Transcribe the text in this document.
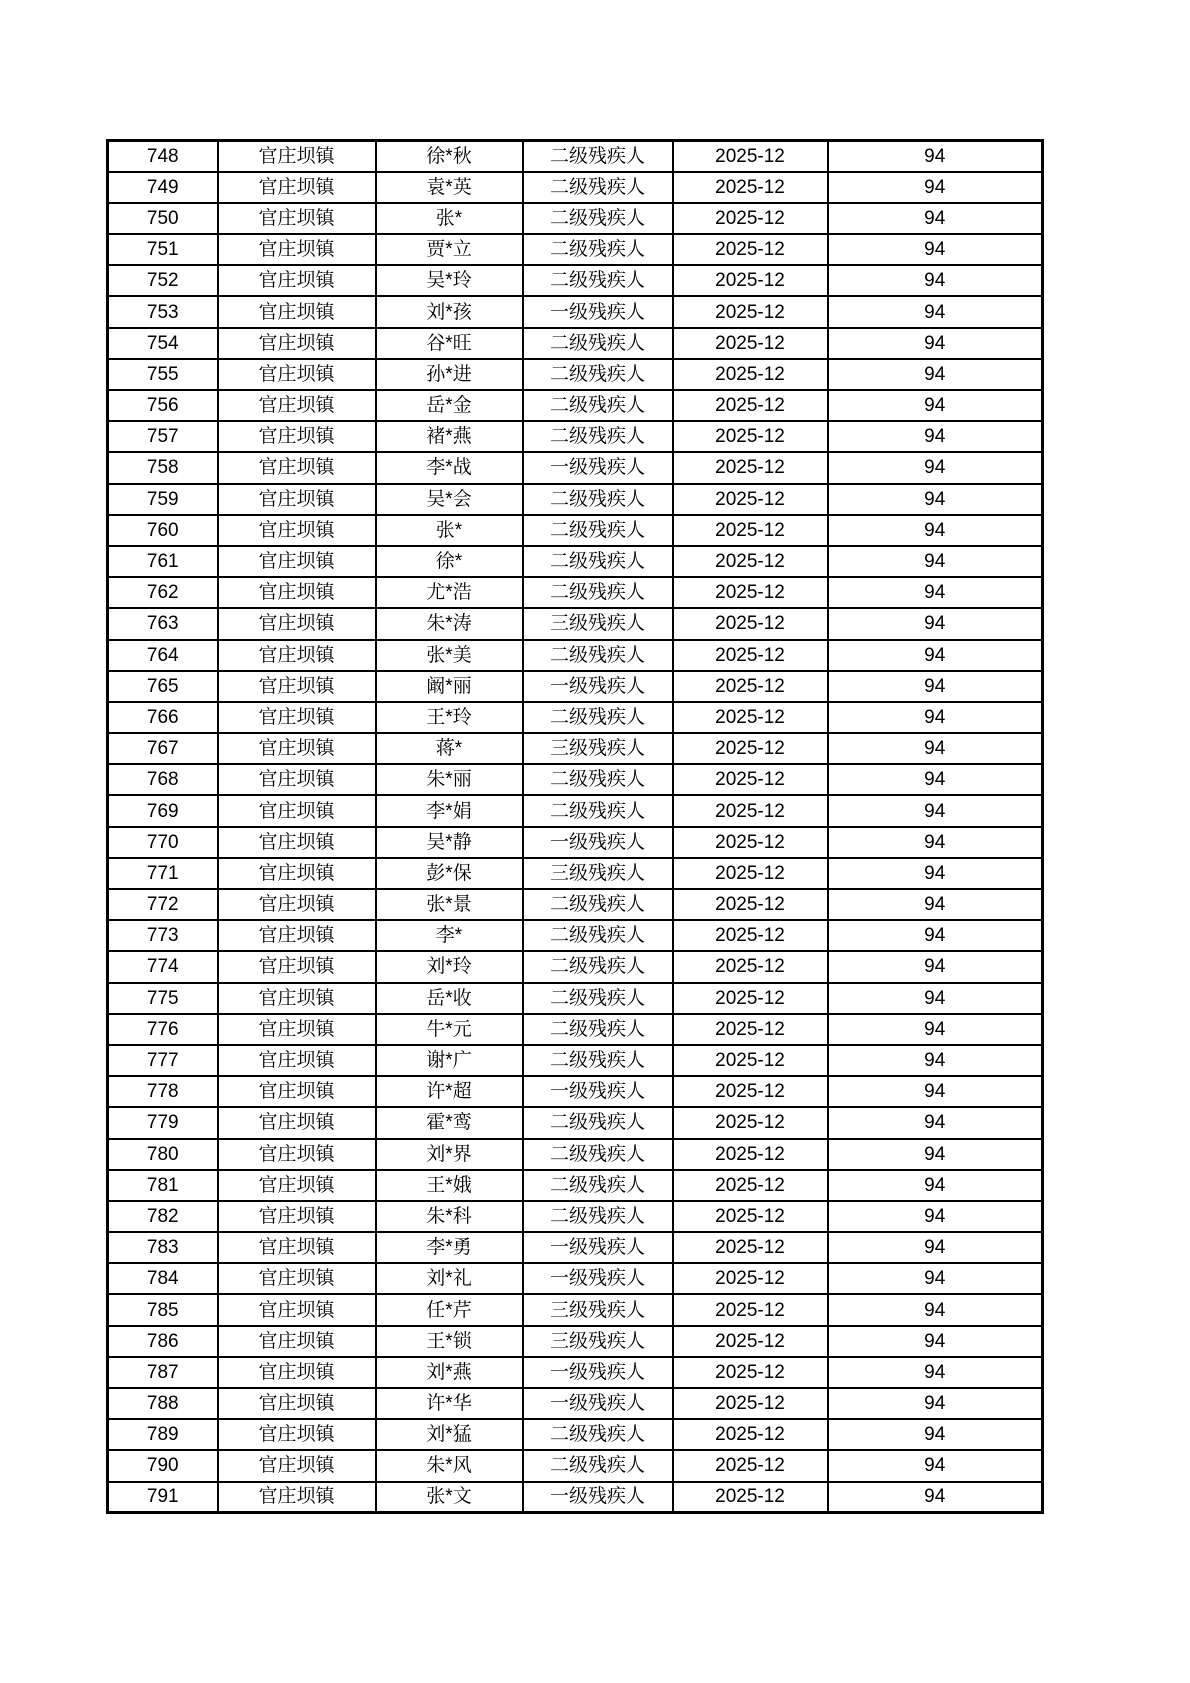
748	官庄坝镇	徐*秋	二级残疾人	2025-12	94
749	官庄坝镇	袁*英	二级残疾人	2025-12	94
750	官庄坝镇	张*	二级残疾人	2025-12	94
751	官庄坝镇	贾*立	二级残疾人	2025-12	94
752	官庄坝镇	吴*玲	二级残疾人	2025-12	94
753	官庄坝镇	刘*孩	一级残疾人	2025-12	94
754	官庄坝镇	谷*旺	二级残疾人	2025-12	94
755	官庄坝镇	孙*进	二级残疾人	2025-12	94
756	官庄坝镇	岳*金	二级残疾人	2025-12	94
757	官庄坝镇	褚*燕	二级残疾人	2025-12	94
758	官庄坝镇	李*战	一级残疾人	2025-12	94
759	官庄坝镇	吴*会	二级残疾人	2025-12	94
760	官庄坝镇	张*	二级残疾人	2025-12	94
761	官庄坝镇	徐*	二级残疾人	2025-12	94
762	官庄坝镇	尤*浩	二级残疾人	2025-12	94
763	官庄坝镇	朱*涛	三级残疾人	2025-12	94
764	官庄坝镇	张*美	二级残疾人	2025-12	94
765	官庄坝镇	阚*丽	一级残疾人	2025-12	94
766	官庄坝镇	王*玲	二级残疾人	2025-12	94
767	官庄坝镇	蒋*	三级残疾人	2025-12	94
768	官庄坝镇	朱*丽	二级残疾人	2025-12	94
769	官庄坝镇	李*娟	二级残疾人	2025-12	94
770	官庄坝镇	吴*静	一级残疾人	2025-12	94
771	官庄坝镇	彭*保	三级残疾人	2025-12	94
772	官庄坝镇	张*景	二级残疾人	2025-12	94
773	官庄坝镇	李*	二级残疾人	2025-12	94
774	官庄坝镇	刘*玲	二级残疾人	2025-12	94
775	官庄坝镇	岳*收	二级残疾人	2025-12	94
776	官庄坝镇	牛*元	二级残疾人	2025-12	94
777	官庄坝镇	谢*广	二级残疾人	2025-12	94
778	官庄坝镇	许*超	一级残疾人	2025-12	94
779	官庄坝镇	霍*鸾	二级残疾人	2025-12	94
780	官庄坝镇	刘*界	二级残疾人	2025-12	94
781	官庄坝镇	王*娥	二级残疾人	2025-12	94
782	官庄坝镇	朱*科	二级残疾人	2025-12	94
783	官庄坝镇	李*勇	一级残疾人	2025-12	94
784	官庄坝镇	刘*礼	一级残疾人	2025-12	94
785	官庄坝镇	任*芹	三级残疾人	2025-12	94
786	官庄坝镇	王*锁	三级残疾人	2025-12	94
787	官庄坝镇	刘*燕	一级残疾人	2025-12	94
788	官庄坝镇	许*华	一级残疾人	2025-12	94
789	官庄坝镇	刘*猛	二级残疾人	2025-12	94
790	官庄坝镇	朱*风	二级残疾人	2025-12	94
791	官庄坝镇	张*文	一级残疾人	2025-12	94
